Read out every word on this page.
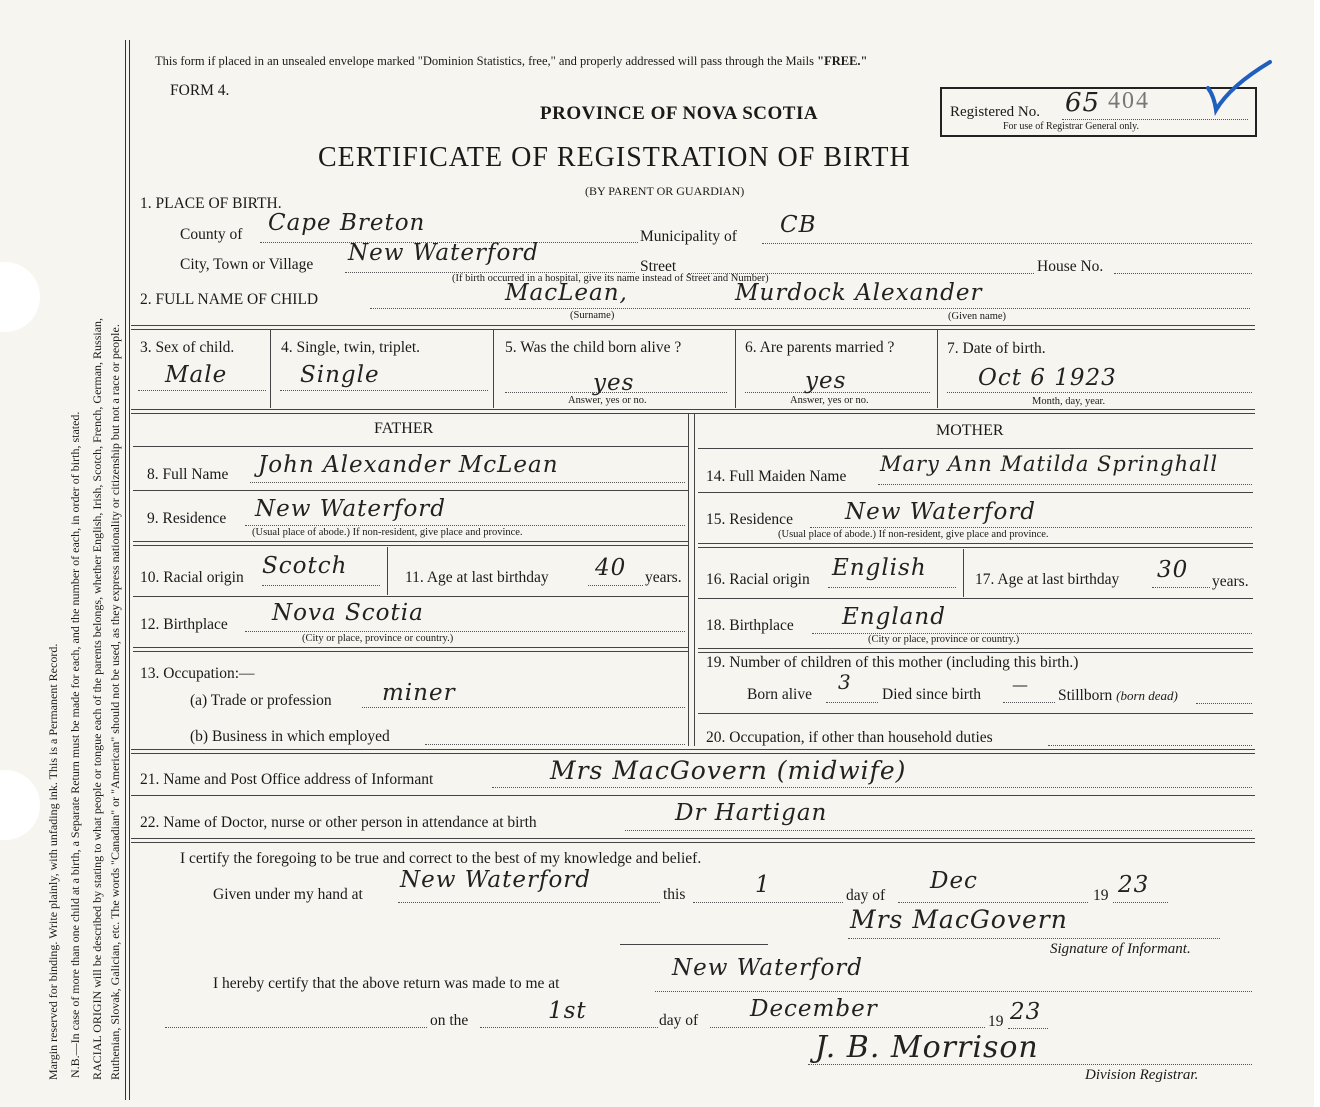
Margin reserved for binding. Write plainly, with unfading ink. This is a Permanent Record. N.B.—In case of more than one child at a birth, a Separate Return must be made for each, and the number of each, in order of birth, stated. RACIAL ORIGIN will be described by stating to what people or tongue each of the parents belongs, whether English, Irish, Scotch, French, German, Russian, Ruthenian, Slovak, Galician, etc. The words "Canadian" or "American" should not be used, as they express nationality or citizenship but not a race or people.
This form if placed in an unsealed envelope marked "Dominion Statistics, free," and properly addressed will pass through the Mails "FREE."
FORM 4.
PROVINCE OF NOVA SCOTIA
CERTIFICATE OF REGISTRATION OF BIRTH
(BY PARENT OR GUARDIAN)
Registered No. 65 404
For use of Registrar General only.
1. PLACE OF BIRTH.
County of Cape Breton
Municipality of CB
City, Town or Village New Waterford
Street	House No.
(If birth occurred in a hospital, give its name instead of Street and Number)
2. FULL NAME OF CHILD	MacLean,	Murdock Alexander
(Surname)	(Given name)
3. Sex of child.
Male
4. Single, twin, triplet.
Single
5. Was the child born alive ?
yes
Answer, yes or no.
6. Are parents married ?
yes
Answer, yes or no.
7. Date of birth.
Oct 6 1923
Month, day, year.
FATHER	MOTHER
8. Full Name John Alexander McLean	14. Full Maiden Name
Mary Ann Matilda Springhall
9. Residence New Waterford
(Usual place of abode.) If non-resident, give place and province.
15. Residence New Waterford
(Usual place of abode.) If non-resident, give place and province.
10. Racial origin Scotch	11. Age at last birthday 40 years. 16. Racial origin English	17. Age at last birthday 30 years.
12. Birthplace Nova Scotia
(City or place, province or country.)
18. Birthplace England
(City or place, province or country.)
13. Occupation:—
(a) Trade or profession miner
(b) Business in which employed
19. Number of children of this mother (including this birth.)
Born alive
3
Died since birth
—
Stillborn (born dead)
20. Occupation, if other than household duties
21. Name and Post Office address of Informant	Mrs MacGovern (midwife)
22. Name of Doctor, nurse or other person in attendance at birth	Dr Hartigan
I certify the foregoing to be true and correct to the best of my knowledge and belief.
Given under my hand at
New Waterford
this	1	day of
Dec
19 23
Mrs MacGovern
Signature of Informant.
I hereby certify that the above return was made to me at
New Waterford
on the	1st	day of December	19 23
J. B. Morrison
Division Registrar.
